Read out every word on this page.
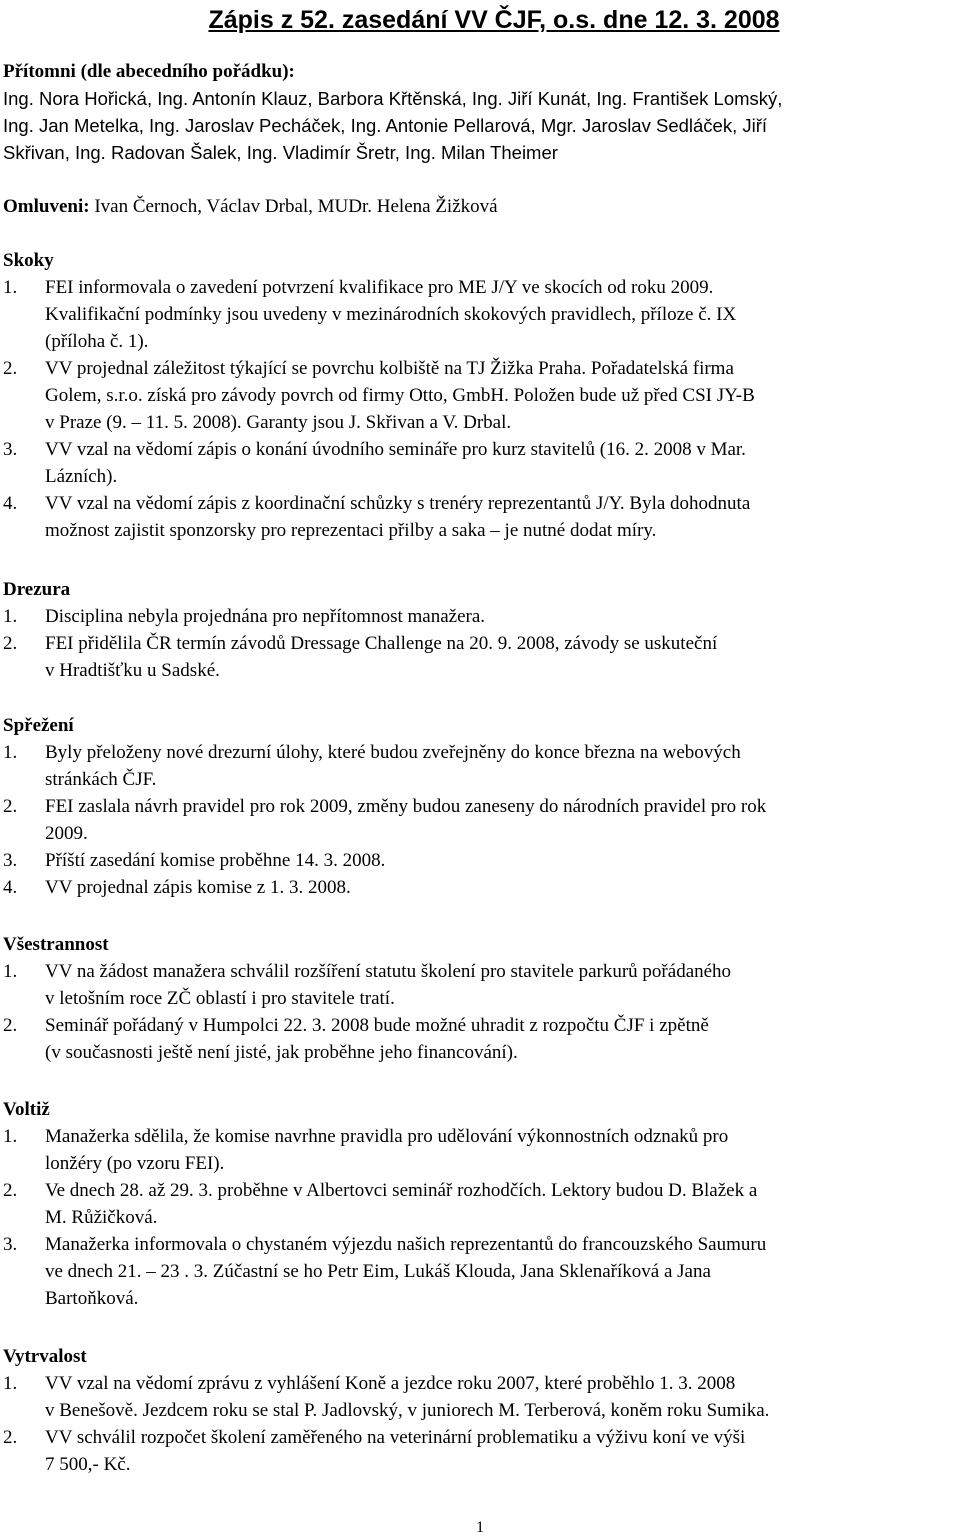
Zápis z 52. zasedání VV ČJF, o.s. dne 12. 3. 2008
Přítomni (dle abecedního pořádku):
Ing. Nora Hořická, Ing. Antonín Klauz, Barbora Křtěnská, Ing. Jiří Kunát, Ing. František Lomský,
Ing. Jan Metelka, Ing. Jaroslav Pecháček, Ing. Antonie Pellarová, Mgr. Jaroslav Sedláček, Jiří
Skřivan, Ing. Radovan Šalek, Ing. Vladimír Šretr, Ing. Milan Theimer
Omluveni: Ivan Černoch, Václav Drbal, MUDr. Helena Žižková
Skoky
1. FEI informovala o zavedení potvrzení kvalifikace pro ME J/Y ve skocích od roku 2009.
Kvalifikační podmínky jsou uvedeny v mezinárodních skokových pravidlech, příloze č. IX
(příloha č. 1).
2. VV projednal záležitost týkající se povrchu kolbiště na TJ Žižka Praha. Pořadatelská firma
Golem, s.r.o. získá pro závody povrch od firmy Otto, GmbH. Položen bude už před CSI JY-B
v Praze (9. – 11. 5. 2008). Garanty jsou J. Skřivan a V. Drbal.
3. VV vzal na vědomí zápis o konání úvodního semináře pro kurz stavitelů (16. 2. 2008 v Mar.
Lázních).
4. VV vzal na vědomí zápis z koordinační schůzky s trenéry reprezentantů J/Y. Byla dohodnuta
možnost zajistit sponzorsky pro reprezentaci přilby a saka – je nutné dodat míry.
Drezura
1. Disciplina nebyla projednána pro nepřítomnost manažera.
2. FEI přidělila ČR termín závodů Dressage Challenge na 20. 9. 2008, závody se uskuteční
v Hradtišťku u Sadské.
Spřežení
1. Byly přeloženy nové drezurní úlohy, které budou zveřejněny do konce března na webových
stránkách ČJF.
2. FEI zaslala návrh pravidel pro rok 2009, změny budou zaneseny do národních pravidel pro rok
2009.
3. Příští zasedání komise proběhne 14. 3. 2008.
4. VV projednal zápis komise z 1. 3. 2008.
Všestrannost
1. VV na žádost manažera schválil rozšíření statutu školení pro stavitele parkurů pořádaného
v letošním roce ZČ oblastí i pro stavitele tratí.
2. Seminář pořádaný v Humpolci 22. 3. 2008 bude možné uhradit z rozpočtu ČJF i zpětně
(v současnosti ještě není jisté, jak proběhne jeho financování).
Voltiž
1. Manažerka sdělila, že komise navrhne pravidla pro udělování výkonnostních odznaků pro
lonžéry (po vzoru FEI).
2. Ve dnech 28. až 29. 3. proběhne v Albertovci seminář rozhodčích. Lektory budou D. Blažek a
M. Růžičková.
3. Manažerka informovala o chystaném výjezdu našich reprezentantů do francouzského Saumuru
ve dnech 21. – 23 . 3. Zúčastní se ho Petr Eim, Lukáš Klouda, Jana Sklenaříková a Jana
Bartoňková.
Vytrvalost
1. VV vzal na vědomí zprávu z vyhlášení Koně a jezdce roku 2007, které proběhlo 1. 3. 2008
v Benešově. Jezdcem roku se stal P. Jadlovský, v juniorech M. Terberová, koněm roku Sumika.
2. VV schválil rozpočet školení zaměřeného na veterinární problematiku a výživu koní ve výši
7 500,- Kč.
1
